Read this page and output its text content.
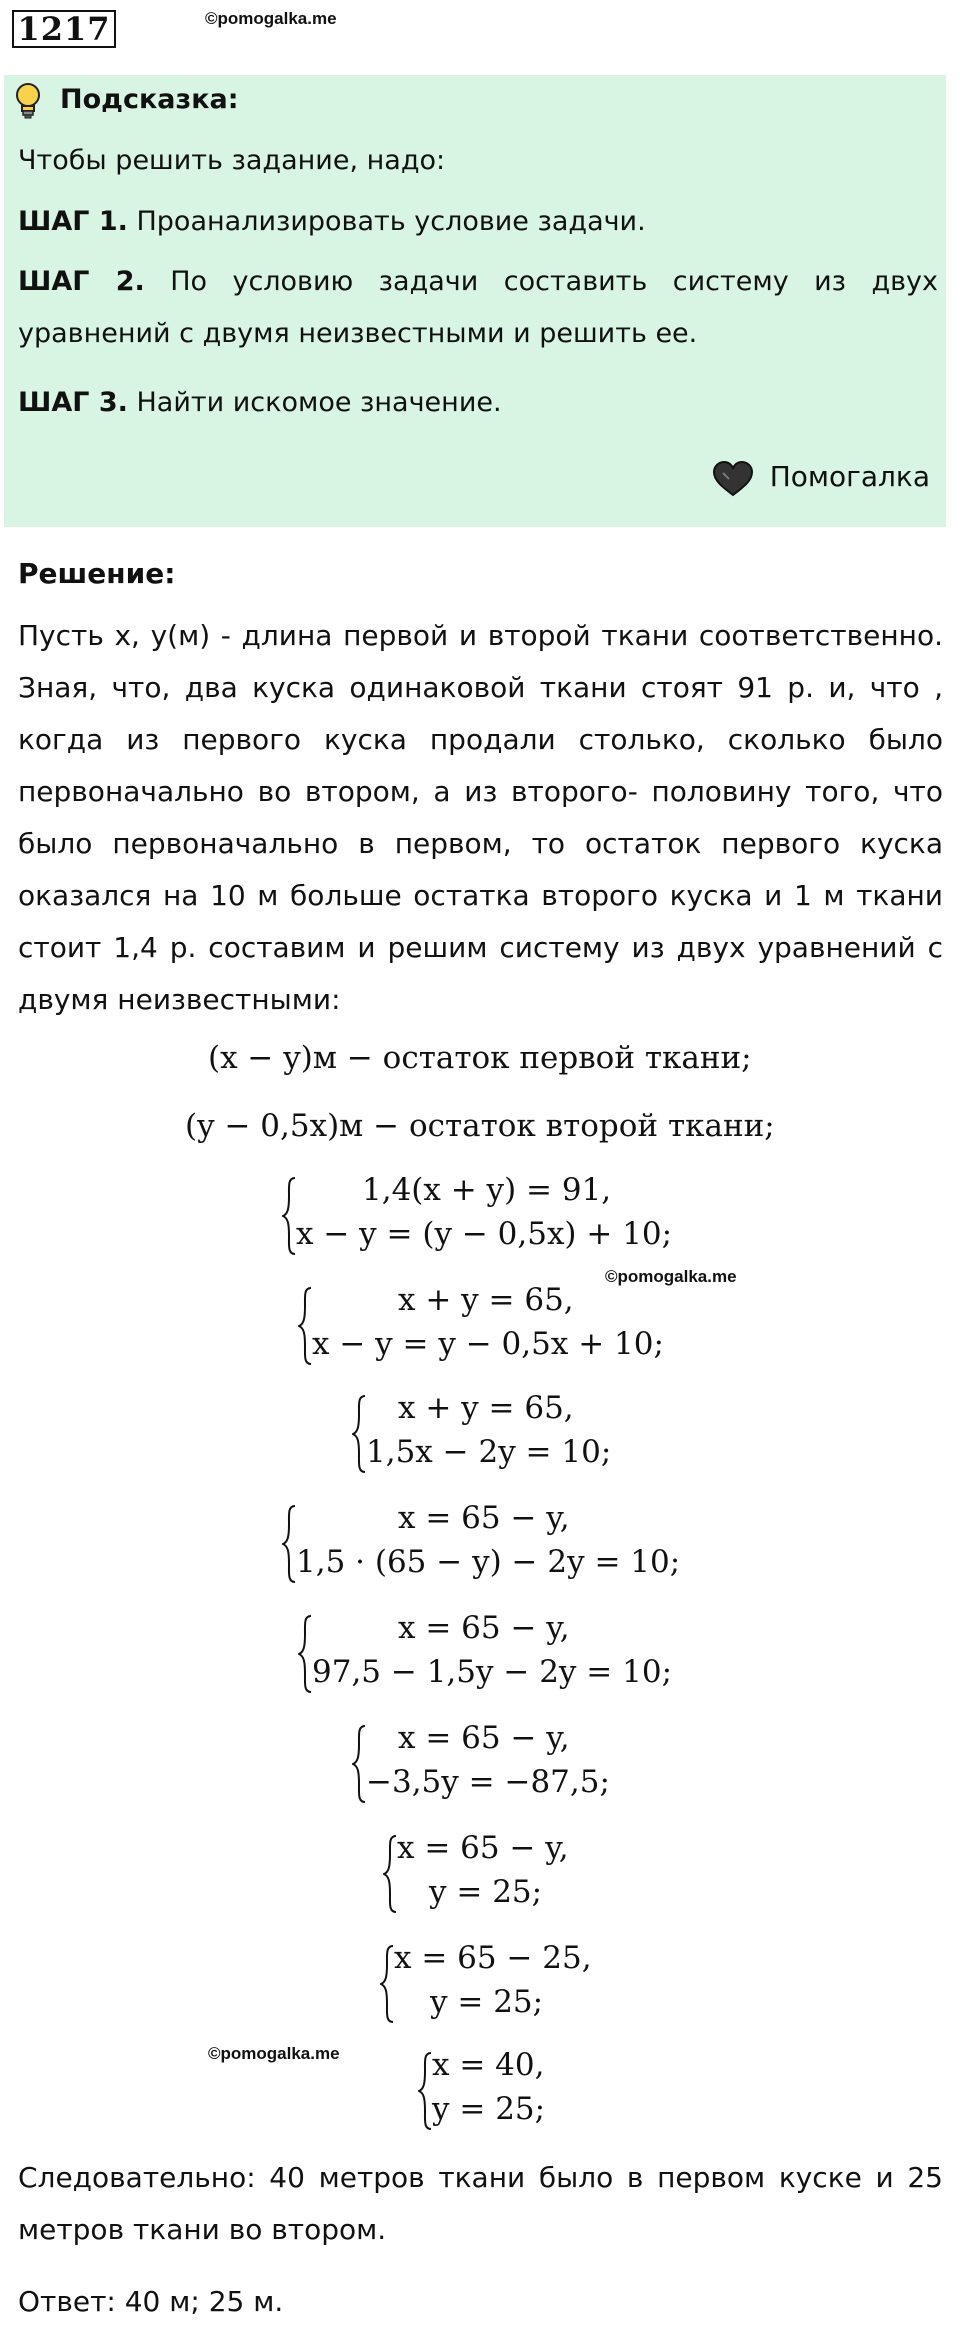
1217	©pomogalka.me
Подсказка:
Чтобы решить задание, надо:
ШАГ 1. Проанализировать условие задачи.
ШАГ 2. По условию задачи составить систему из двух
уравнений с двумя неизвестными и решить ее.
ШАГ 3. Найти искомое значение.
Помогалка
Решение:
Пусть x, y(м) - длина первой и второй ткани соответственно.
Зная, что, два куска одинаковой ткани стоят 91 р. и, что ,
когда из первого куска продали столько, сколько было
первоначально во втором, а из второго- половину того, что
было первоначально в первом, то остаток первого куска
оказался на 10 м больше остатка второго куска и 1 м ткани
стоит 1,4 р. составим и решим систему из двух уравнений с
двумя неизвестными:
(x − y)м − остаток первой ткани;
(y − 0,5x)м − остаток второй ткани;
1,4(x + y) = 91,
x − y = (y − 0,5x) + 10;
©pomogalka.me
x + y = 65,
x − y = y − 0,5x + 10;
x + y = 65,
1,5x − 2y = 10;
x = 65 − y,
1,5 · (65 − y) − 2y = 10;
x = 65 − y,
97,5 − 1,5y − 2y = 10;
x = 65 − y,
−3,5y = −87,5;
x = 65 − y,
y = 25;
x = 65 − 25,
y = 25;
©pomogalka.me	x = 40,
y = 25;
Следовательно: 40 метров ткани было в первом куске и 25
метров ткани во втором.
Ответ: 40 м; 25 м.
